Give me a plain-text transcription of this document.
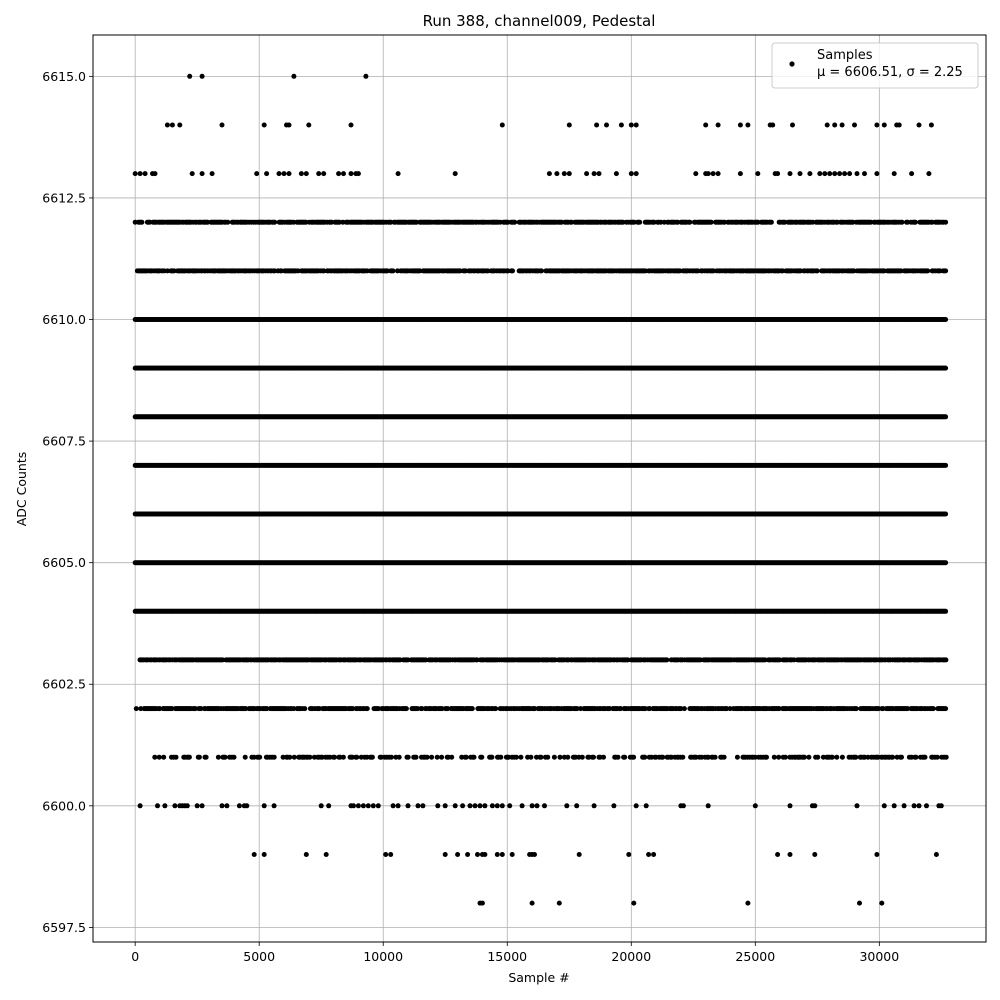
Run 388, channel009, Pedestal
0	5000	10000	15000	20000	25000	30000
6597.5
6600.0
6602.5
6605.0
6607.5
6610.0
6612.5
6615.0
Sample #
ADC Counts
Samples
μ = 6606.51, σ = 2.25
